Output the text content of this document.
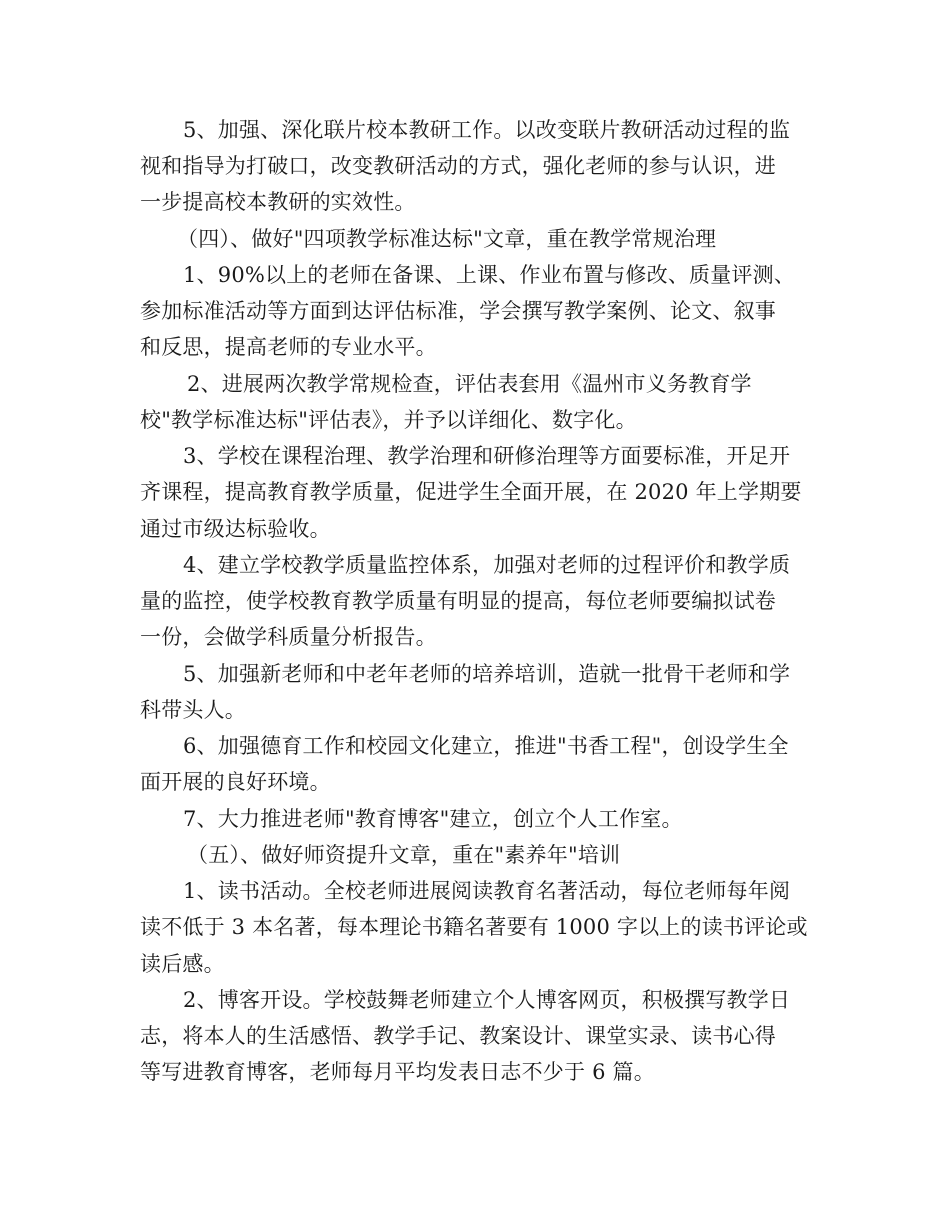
5、加强、深化联片校本教研工作。以改变联片教研活动过程的监

视和指导为打破口，改变教研活动的方式，强化老师的参与认识，进

一步提高校本教研的实效性。

（四）、做好"四项教学标准达标"文章，重在教学常规治理

1、90%以上的老师在备课、上课、作业布置与修改、质量评测、

参加标准活动等方面到达评估标准，学会撰写教学案例、论文、叙事

和反思，提高老师的专业水平。

2、进展两次教学常规检查，评估表套用《温州市义务教育学

校"教学标准达标"评估表》，并予以详细化、数字化。

3、学校在课程治理、教学治理和研修治理等方面要标准，开足开

齐课程，提高教育教学质量，促进学生全面开展，在 2020 年上学期要

通过市级达标验收。

4、建立学校教学质量监控体系，加强对老师的过程评价和教学质

量的监控，使学校教育教学质量有明显的提高，每位老师要编拟试卷

一份，会做学科质量分析报告。

5、加强新老师和中老年老师的培养培训，造就一批骨干老师和学

科带头人。

6、加强德育工作和校园文化建立，推进"书香工程"，创设学生全

面开展的良好环境。

7、大力推进老师"教育博客"建立，创立个人工作室。

（五）、做好师资提升文章，重在"素养年"培训

1、读书活动。全校老师进展阅读教育名著活动，每位老师每年阅

读不低于 3 本名著，每本理论书籍名著要有 1000 字以上的读书评论或

读后感。

2、博客开设。学校鼓舞老师建立个人博客网页，积极撰写教学日

志，将本人的生活感悟、教学手记、教案设计、课堂实录、读书心得

等写进教育博客，老师每月平均发表日志不少于 6 篇。
